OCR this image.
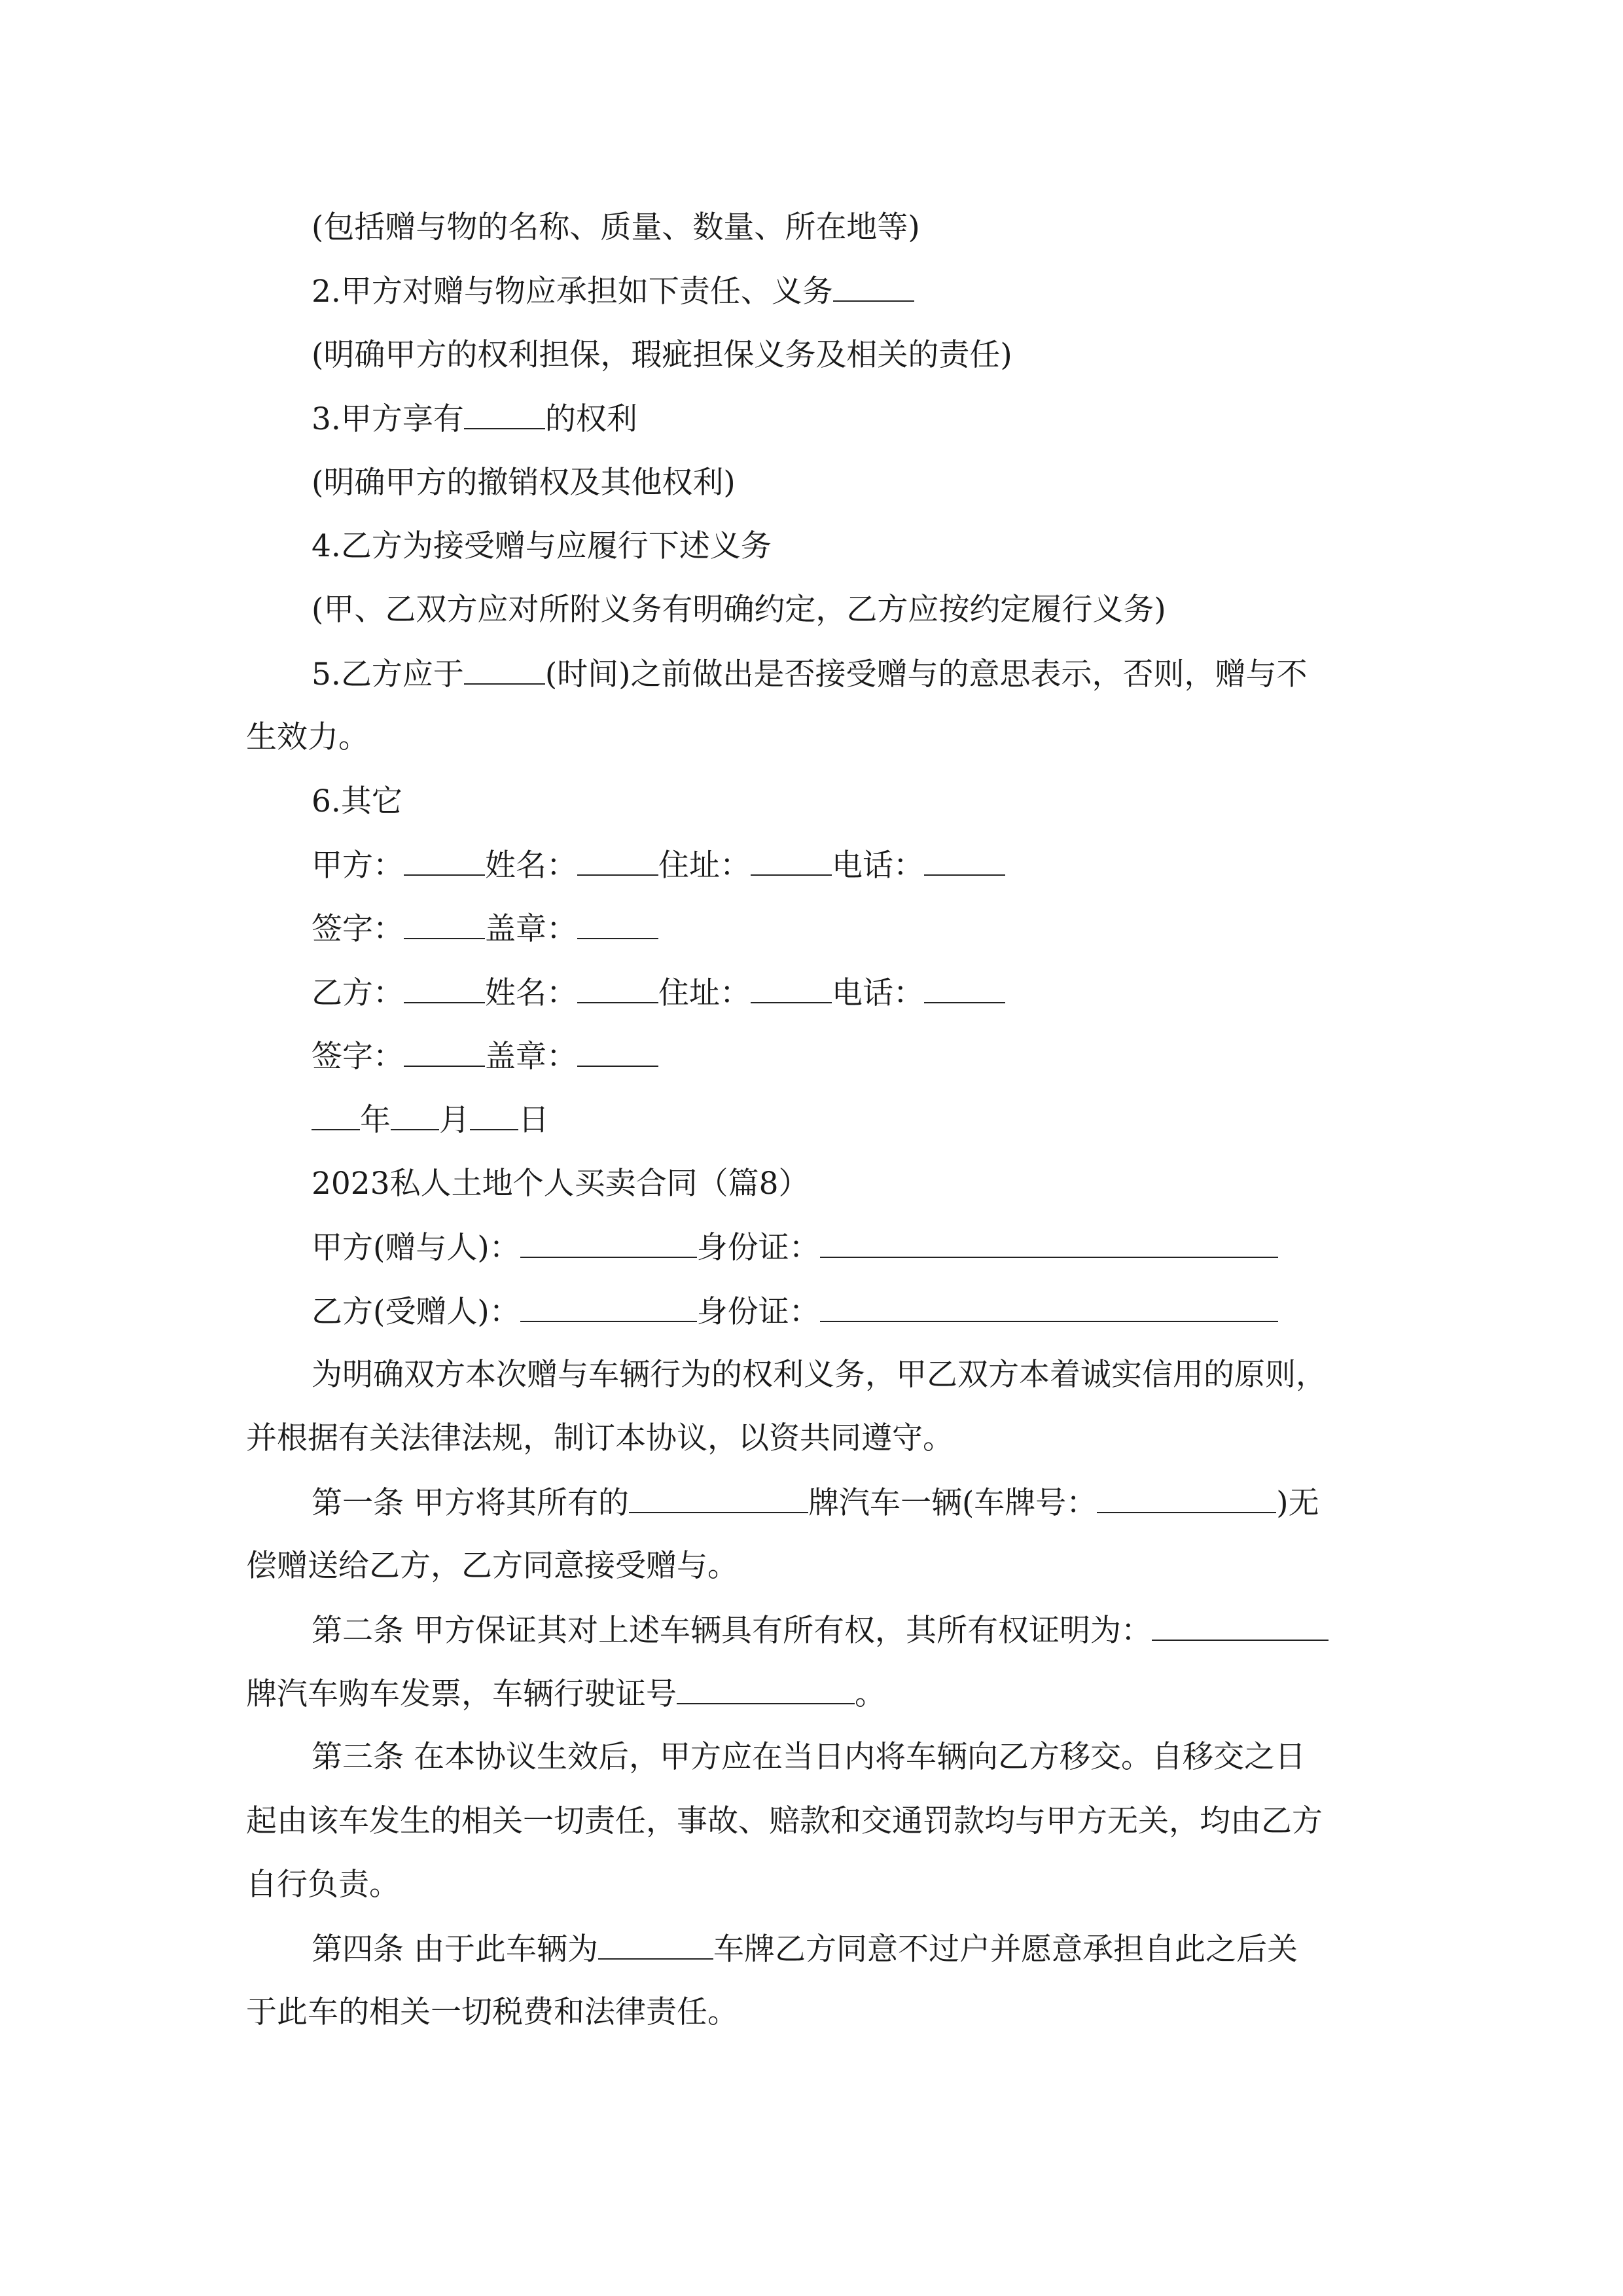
(包括赠与物的名称、质量、数量、所在地等)
2.甲方对赠与物应承担如下责任、义务
(明确甲方的权利担保，瑕疵担保义务及相关的责任)
3.甲方享有	的权利
(明确甲方的撤销权及其他权利)
4.乙方为接受赠与应履行下述义务
(甲、乙双方应对所附义务有明确约定，乙方应按约定履行义务)
5.乙方应于	(时间)之前做出是否接受赠与的意思表示，否则，赠与不
生效力。
6.其它
甲方：	姓名：	住址：	电话：
签字：	盖章：
乙方：	姓名：	住址：	电话：
签字：	盖章：
年 月 日
2023私人土地个人买卖合同（篇8）
甲方(赠与人)：	身份证：
乙方(受赠人)：	身份证：
为明确双方本次赠与车辆行为的权利义务，甲乙双方本着诚实信用的原则，
并根据有关法律法规，制订本协议，以资共同遵守。
第一条 甲方将其所有的	牌汽车一辆(车牌号：	)无
偿赠送给乙方，乙方同意接受赠与。
第二条 甲方保证其对上述车辆具有所有权，其所有权证明为：
牌汽车购车发票，车辆行驶证号	。
第三条 在本协议生效后，甲方应在当日内将车辆向乙方移交。自移交之日
起由该车发生的相关一切责任，事故、赔款和交通罚款均与甲方无关，均由乙方
自行负责。
第四条 由于此车辆为	车牌乙方同意不过户并愿意承担自此之后关
于此车的相关一切税费和法律责任。
